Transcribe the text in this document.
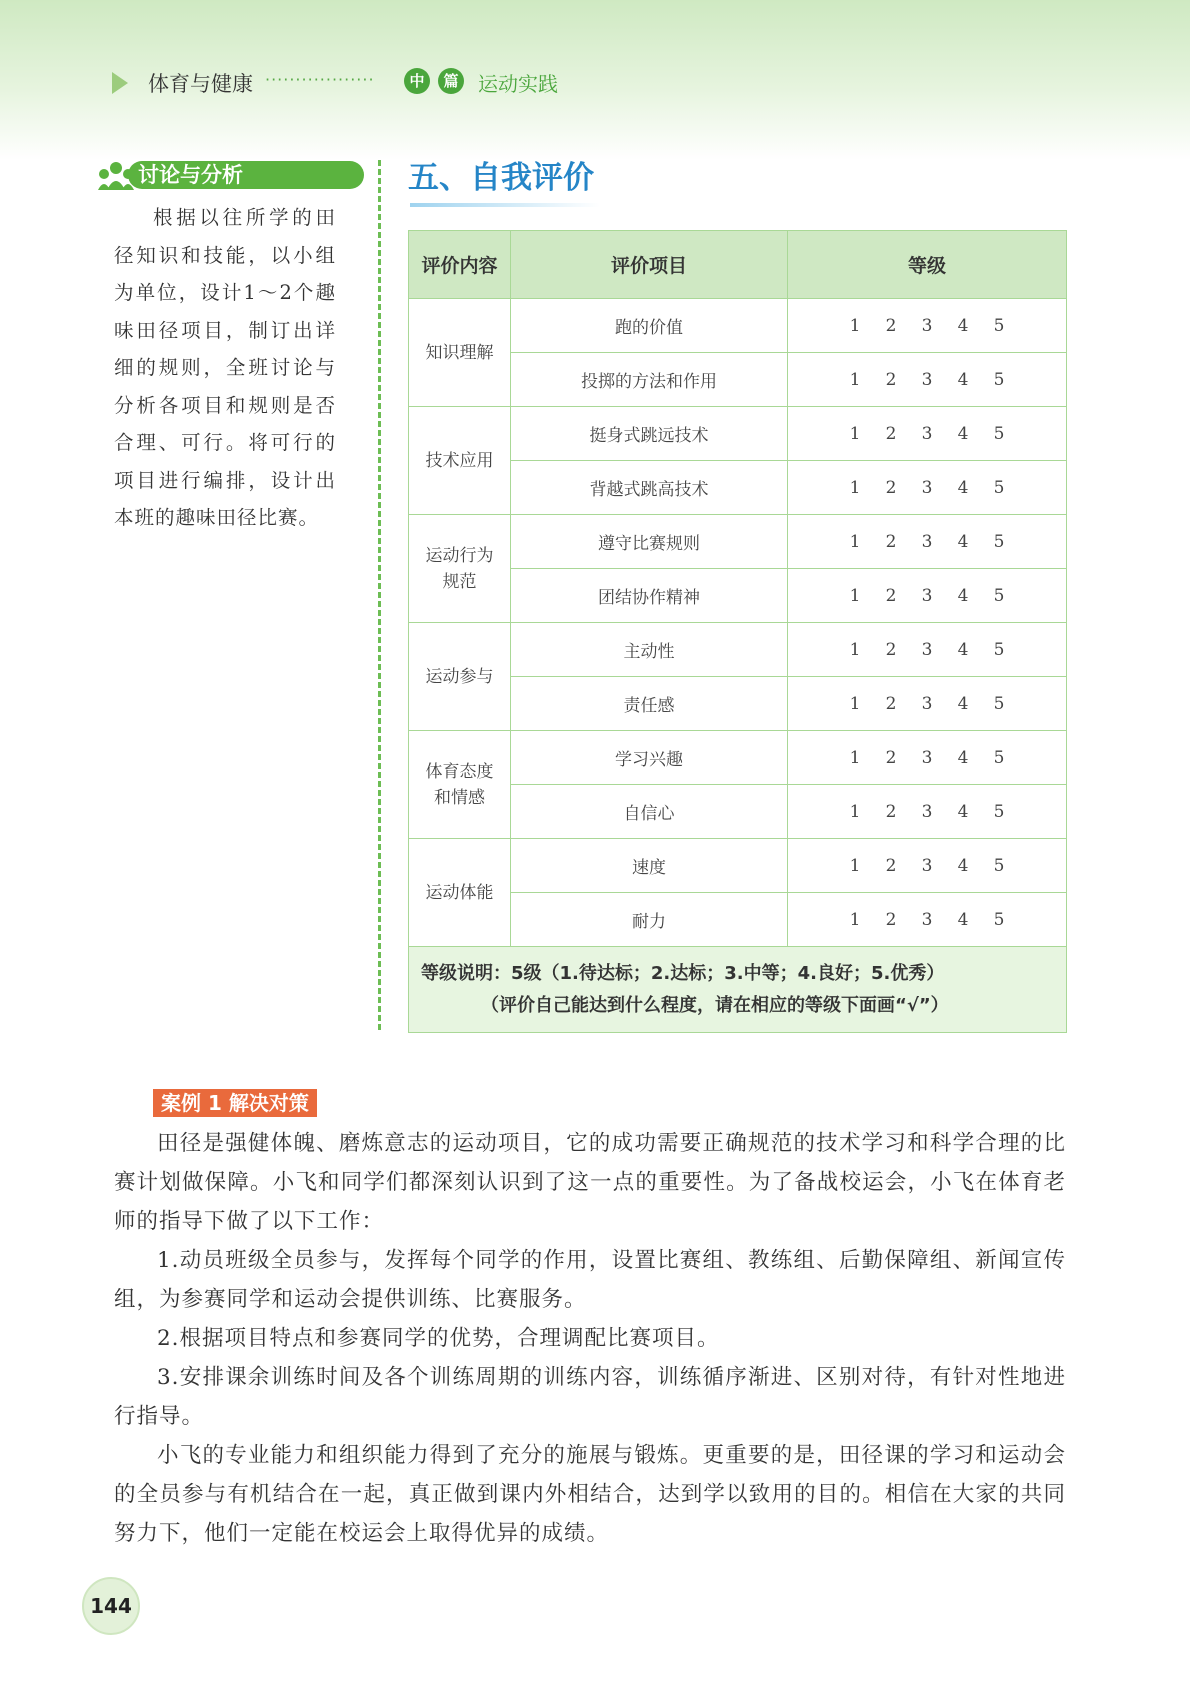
体育与健康 ··················	中	篇 运动实践
讨论与分析
根据以往所学的田径知识和技能，以小组为单位，设计1～2个趣味田径项目，制订出详细的规则，全班讨论与分析各项目和规则是否合理、可行。将可行的项目进行编排，设计出本班的趣味田径比赛。
五、自我评价
评价内容	评价项目	等级
知识理解	跑的价值	1 2 3 4 5
	投掷的方法和作用	1 2 3 4 5
技术应用	挺身式跳远技术	1 2 3 4 5
	背越式跳高技术	1 2 3 4 5
运动行为规范	遵守比赛规则	1 2 3 4 5
	团结协作精神	1 2 3 4 5
运动参与	主动性	1 2 3 4 5
	责任感	1 2 3 4 5
体育态度和情感	学习兴趣	1 2 3 4 5
	自信心	1 2 3 4 5
运动体能	速度	1 2 3 4 5
	耐力	1 2 3 4 5
等级说明：5级（1.待达标；2.达标；3.中等；4.良好；5.优秀）
（评价自己能达到什么程度，请在相应的等级下面画“√”）		
案例 1 解决对策

田径是强健体魄、磨炼意志的运动项目，它的成功需要正确规范的技术学习和科学合理的比赛计划做保障。小飞和同学们都深刻认识到了这一点的重要性。为了备战校运会，小飞在体育老师的指导下做了以下工作：

1.动员班级全员参与，发挥每个同学的作用，设置比赛组、教练组、后勤保障组、新闻宣传组，为参赛同学和运动会提供训练、比赛服务。

2.根据项目特点和参赛同学的优势，合理调配比赛项目。

3.安排课余训练时间及各个训练周期的训练内容，训练循序渐进、区别对待，有针对性地进行指导。

小飞的专业能力和组织能力得到了充分的施展与锻炼。更重要的是，田径课的学习和运动会的全员参与有机结合在一起，真正做到课内外相结合，达到学以致用的目的。相信在大家的共同努力下，他们一定能在校运会上取得优异的成绩。

144
